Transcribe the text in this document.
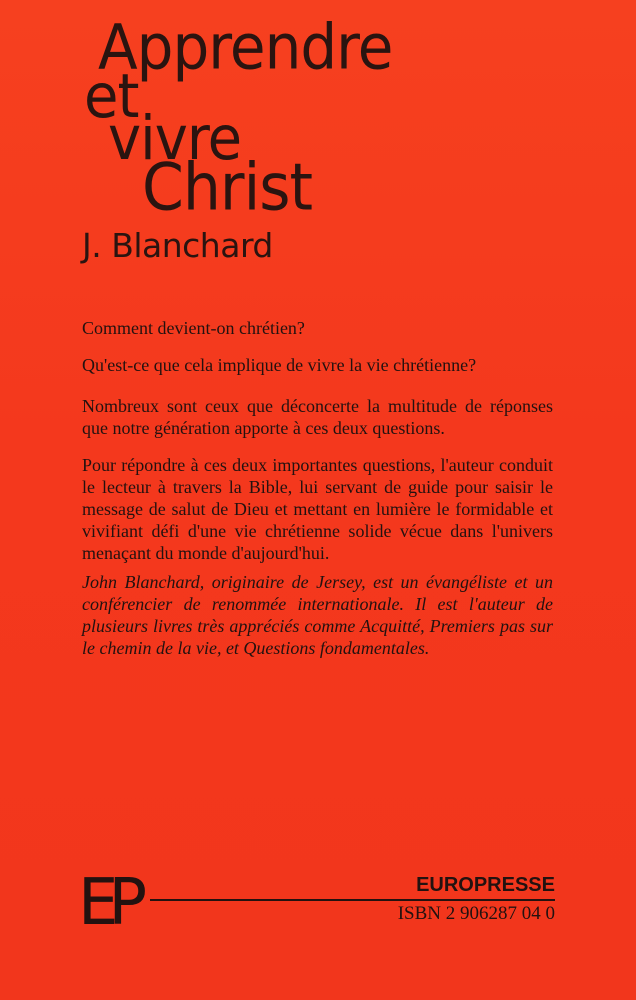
Apprendre
et
vivre
Christ
J. Blanchard

Comment devient-on chrétien?

Qu'est-ce que cela implique de vivre la vie chrétienne?

Nombreux sont ceux que déconcerte la multitude de réponses que notre génération apporte à ces deux questions.

Pour répondre à ces deux importantes questions, l'auteur conduit le lecteur à travers la Bible, lui servant de guide pour saisir le message de salut de Dieu et mettant en lumière le formidable et vivifiant défi d'une vie chrétienne solide vécue dans l'univers menaçant du monde d'aujourd'hui.

John Blanchard, originaire de Jersey, est un évangéliste et un conférencier de renommée internationale. Il est l'auteur de plusieurs livres très appréciés comme Acquitté, Premiers pas sur le chemin de la vie, et Questions fondamentales.

EP	EUROPRESSE
ISBN 2 906287 04 0
